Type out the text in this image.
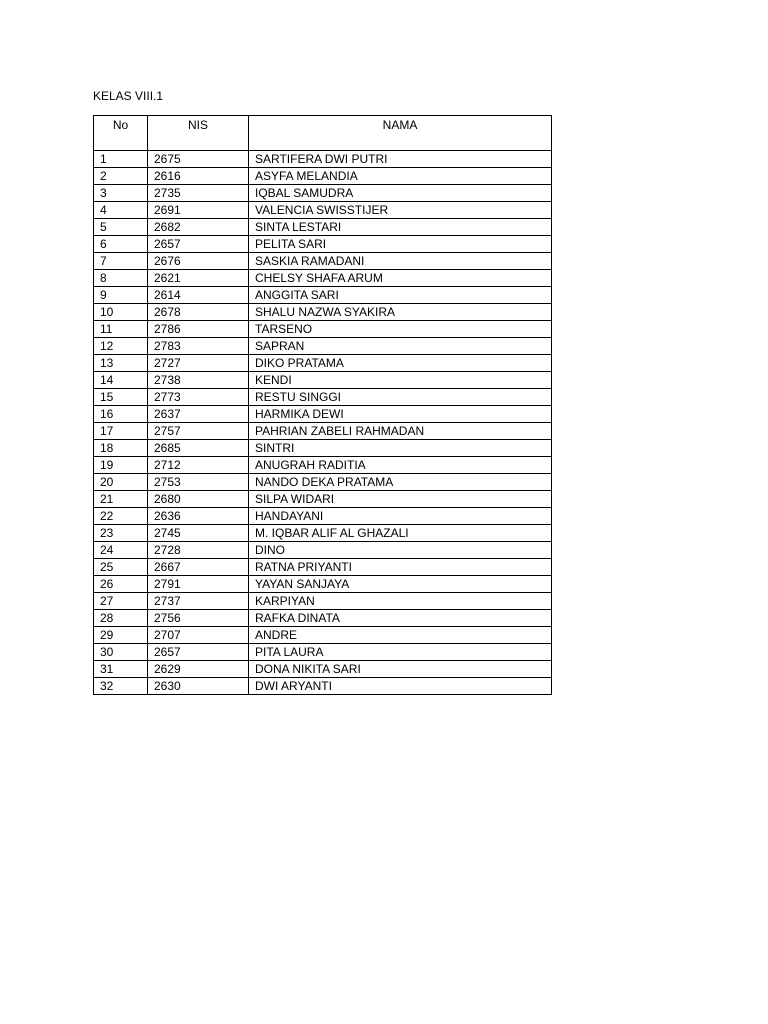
KELAS VIII.1
No	NIS	NAMA
1	2675	SARTIFERA DWI PUTRI
2	2616	ASYFA MELANDIA
3	2735	IQBAL SAMUDRA
4	2691	VALENCIA SWISSTIJER
5	2682	SINTA LESTARI
6	2657	PELITA SARI
7	2676	SASKIA RAMADANI
8	2621	CHELSY SHAFA ARUM
9	2614	ANGGITA SARI
10	2678	SHALU NAZWA SYAKIRA
11	2786	TARSENO
12	2783	SAPRAN
13	2727	DIKO PRATAMA
14	2738	KENDI
15	2773	RESTU SINGGI
16	2637	HARMIKA DEWI
17	2757	PAHRIAN ZABELI RAHMADAN
18	2685	SINTRI
19	2712	ANUGRAH RADITIA
20	2753	NANDO DEKA PRATAMA
21	2680	SILPA WIDARI
22	2636	HANDAYANI
23	2745	M. IQBAR ALIF AL GHAZALI
24	2728	DINO
25	2667	RATNA PRIYANTI
26	2791	YAYAN SANJAYA
27	2737	KARPIYAN
28	2756	RAFKA DINATA
29	2707	ANDRE
30	2657	PITA LAURA
31	2629	DONA NIKITA SARI
32	2630	DWI ARYANTI
